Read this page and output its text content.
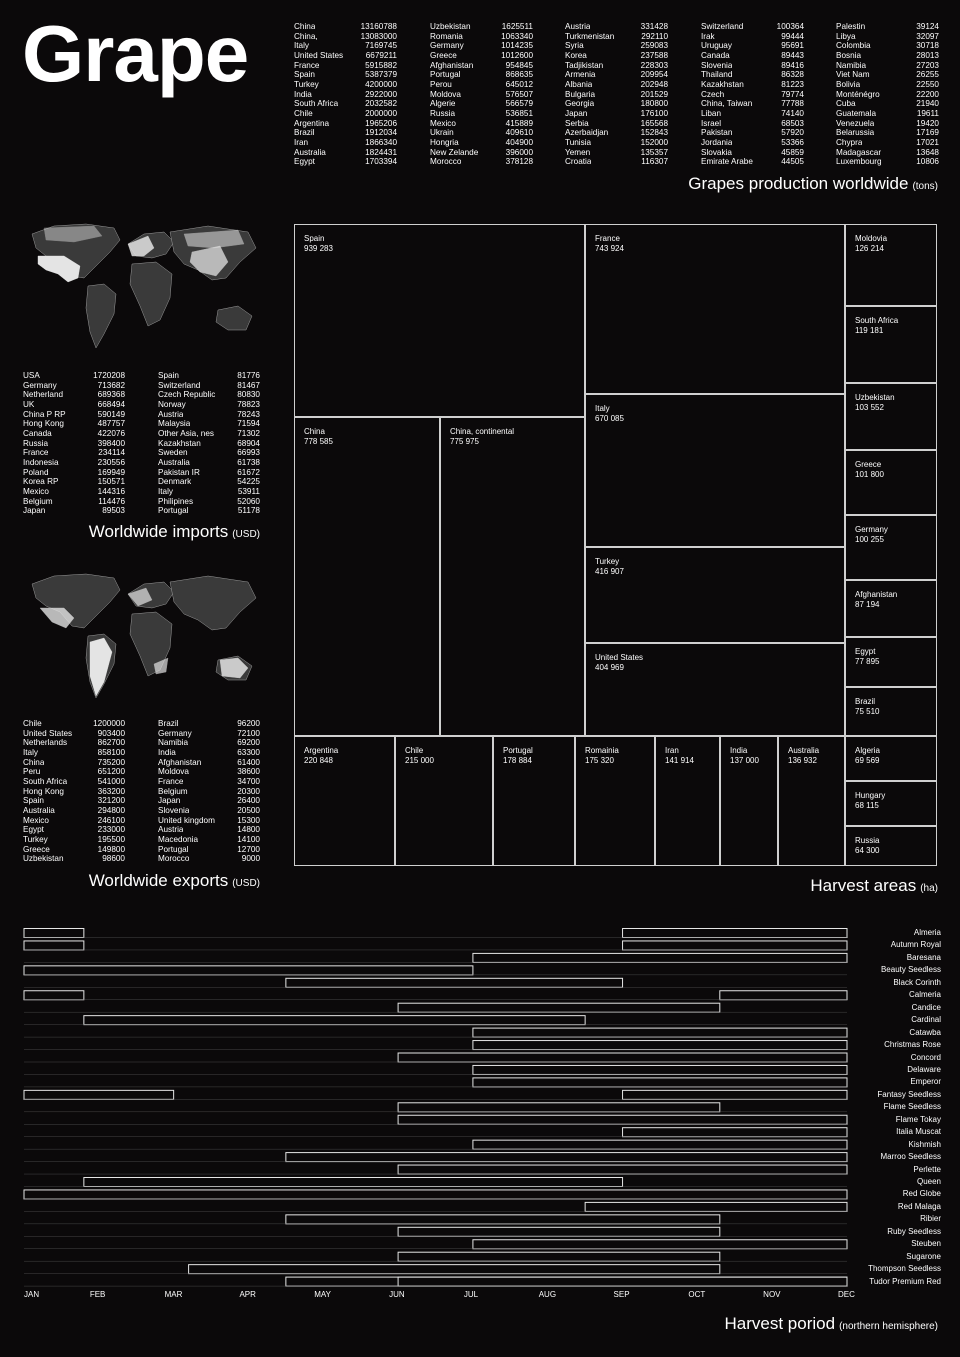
Grape	China	13160788
China,	13083000
Italy	7169745
United States	6679211
France	5915882
Spain	5387379
Turkey	4200000
India	2922000
South Africa	2032582
Chile	2000000
Argentina	1965206
Brazil	1912034
Iran	1866340
Australia	1824431
Egypt	1703394
Uzbekistan	1625511
Romania	1063340
Germany	1014235
Greece	1012600
Afghanistan	954845
Portugal	868635
Perou	645012
Moldova	576507
Algerie	566579
Russia	536851
Mexico	415889
Ukrain	409610
Hongria	404900
New Zelande	396000
Morocco	378128
Austria	331428
Turkmenistan	292110
Syria	259083
Korea	237588
Tadjikistan	228303
Armenia	209954
Albania	202948
Bulgaria	201529
Georgia	180800
Japan	176100
Serbia	165568
Azerbaidjan	152843
Tunisia	152000
Yemen	135357
Croatia	116307
Switzerland	100364
Irak	99444
Uruguay	95691
Canada	89443
Slovenia	89416
Thailand	86328
Kazakhstan	81223
Czech	79774
China, Taiwan	77788
Liban	74140
Israel	68503
Pakistan	57920
Jordania	53366
Slovakia	45859
Emirate Arabe	44505
Palestin	39124
Libya	32097
Colombia	30718
Bosnia	28013
Namibia	27203
Viet Nam	26255
Bolivia	22550
Monténégro	22200
Cuba	21940
Guatemala	19611
Venezuela	19420
Belarussia	17169
Chypra	17021
Madagascar	13648
Luxembourg	10806
Grapes production worldwide (tons)
USA	1720208
Germany	713682
Netherland	689368
UK	668494
China P RP	590149
Hong Kong	487757
Canada	422076
Russia	398400
France	234114
Indonesia	230556
Poland	169949
Korea RP	150571
Mexico	144316
Belgium	114476
Japan	89503
Spain	81776
Switzerland	81467
Czech Republic	80830
Norway	78823
Austria	78243
Malaysia	71594
Other Asia, nes	71302
Kazakhstan	68904
Sweden	66993
Australia	61738
Pakistan IR	61672
Denmark	54225
Italy	53911
Philipines	52060
Portugal	51178
Worldwide imports (USD)
Chile	1200000
United States	903400
Netherlands	862700
Italy	858100
China	735200
Peru	651200
South Africa	541000
Hong Kong	363200
Spain	321200
Australia	294800
Mexico	246100
Egypt	233000
Turkey	195500
Greece	149800
Uzbekistan	98600
Brazil	96200
Germany	72100
Namibia	69200
India	63300
Afghanistan	61400
Moldova	38600
France	34700
Belgium	20300
Japan	26400
Slovenia	20500
United kingdom	15300
Austria	14800
Macedonia	14100
Portugal	12700
Morocco	9000
Worldwide exports (USD)
Spain
939 283
France
743 924
China
778 585
China, continental
775 975
Italy
670 085
Turkey
416 907
United States
404 969
Argentina
220 848
Chile
215 000
Portugal
178 884
Romainia
175 320
Iran
141 914
India
137 000
Australia
136 932
Moldovia
126 214
South Africa
119 181
Uzbekistan
103 552
Greece
101 800
Germany
100 255
Afghanistan
87 194
Egypt
77 895
Brazil
75 510
Algeria
69 569
Hungary
68 115
Russia
64 300
Harvest areas (ha)
Almeria
Autumn Royal
Baresana
Beauty Seedless
Black Corinth
Calmeria
Candice
Cardinal
Catawba
Christmas Rose
Concord
Delaware
Emperor
Fantasy Seedless
Flame Seedless
Flame Tokay
Italia Muscat
Kishmish
Marroo Seedless
Perlette
Queen
Red Globe
Red Malaga
Ribier
Ruby Seedless
Steuben
Sugarone
Thompson Seedless
Tudor Premium Red
JAN	FEB	MAR	APR	MAY	JUN	JUL	AUG	SEP	OCT	NOV	DEC
Harvest poriod (northern hemisphere)
